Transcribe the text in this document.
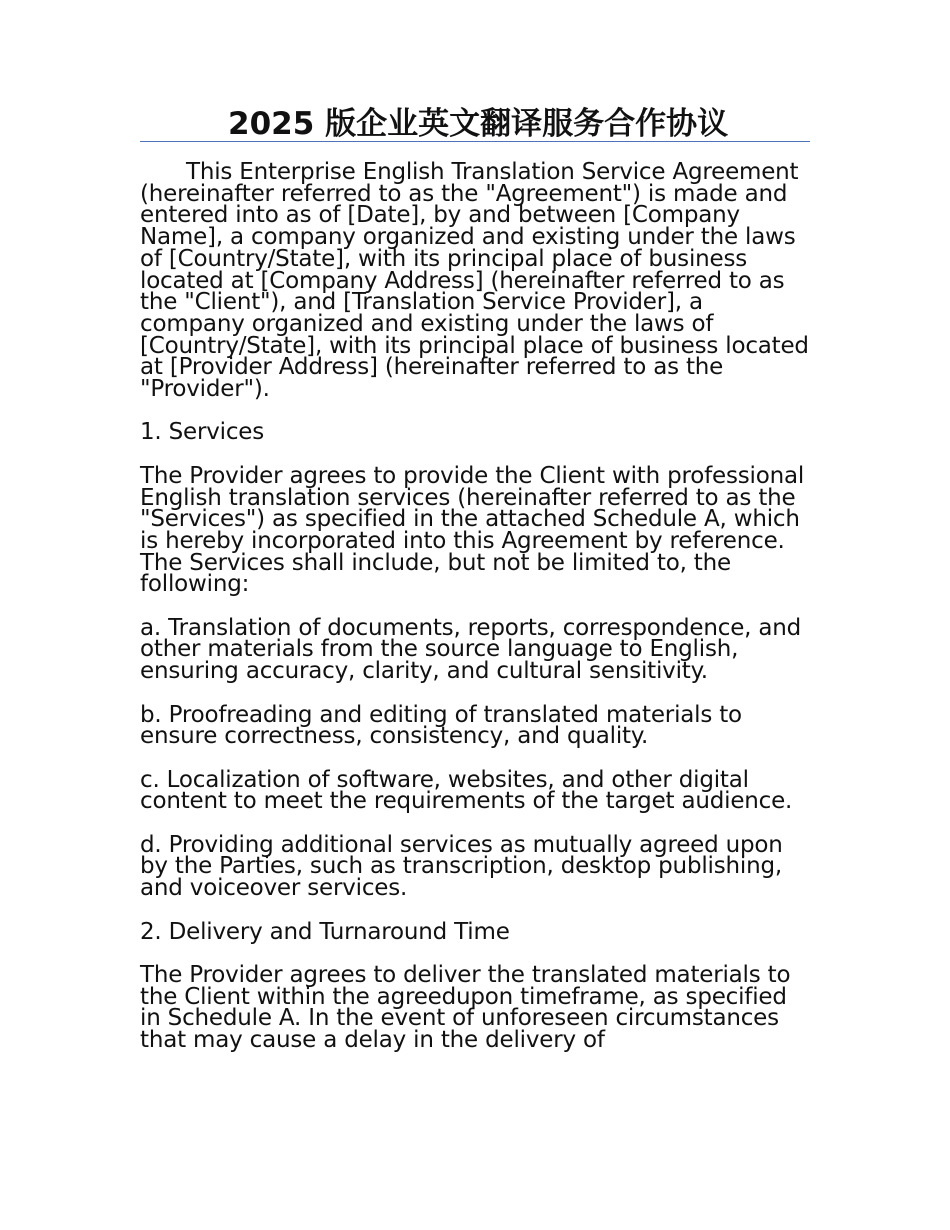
2025 版企业英文翻译服务合作协议

This Enterprise English Translation Service Agreement (hereinafter referred to as the "Agreement") is made and entered into as of [Date], by and between [Company Name], a company organized and existing under the laws of [Country/State], with its principal place of business located at [Company Address] (hereinafter referred to as the "Client"), and [Translation Service Provider], a company organized and existing under the laws of [Country/State], with its principal place of business located at [Provider Address] (hereinafter referred to as the "Provider").

1. Services

The Provider agrees to provide the Client with professional English translation services (hereinafter referred to as the "Services") as specified in the attached Schedule A, which is hereby incorporated into this Agreement by reference. The Services shall include, but not be limited to, the following:

a. Translation of documents, reports, correspondence, and other materials from the source language to English, ensuring accuracy, clarity, and cultural sensitivity.

b. Proofreading and editing of translated materials to ensure correctness, consistency, and quality.

c. Localization of software, websites, and other digital content to meet the requirements of the target audience.

d. Providing additional services as mutually agreed upon by the Parties, such as transcription, desktop publishing, and voiceover services.

2. Delivery and Turnaround Time

The Provider agrees to deliver the translated materials to the Client within the agreedupon timeframe, as specified in Schedule A. In the event of unforeseen circumstances that may cause a delay in the delivery of
